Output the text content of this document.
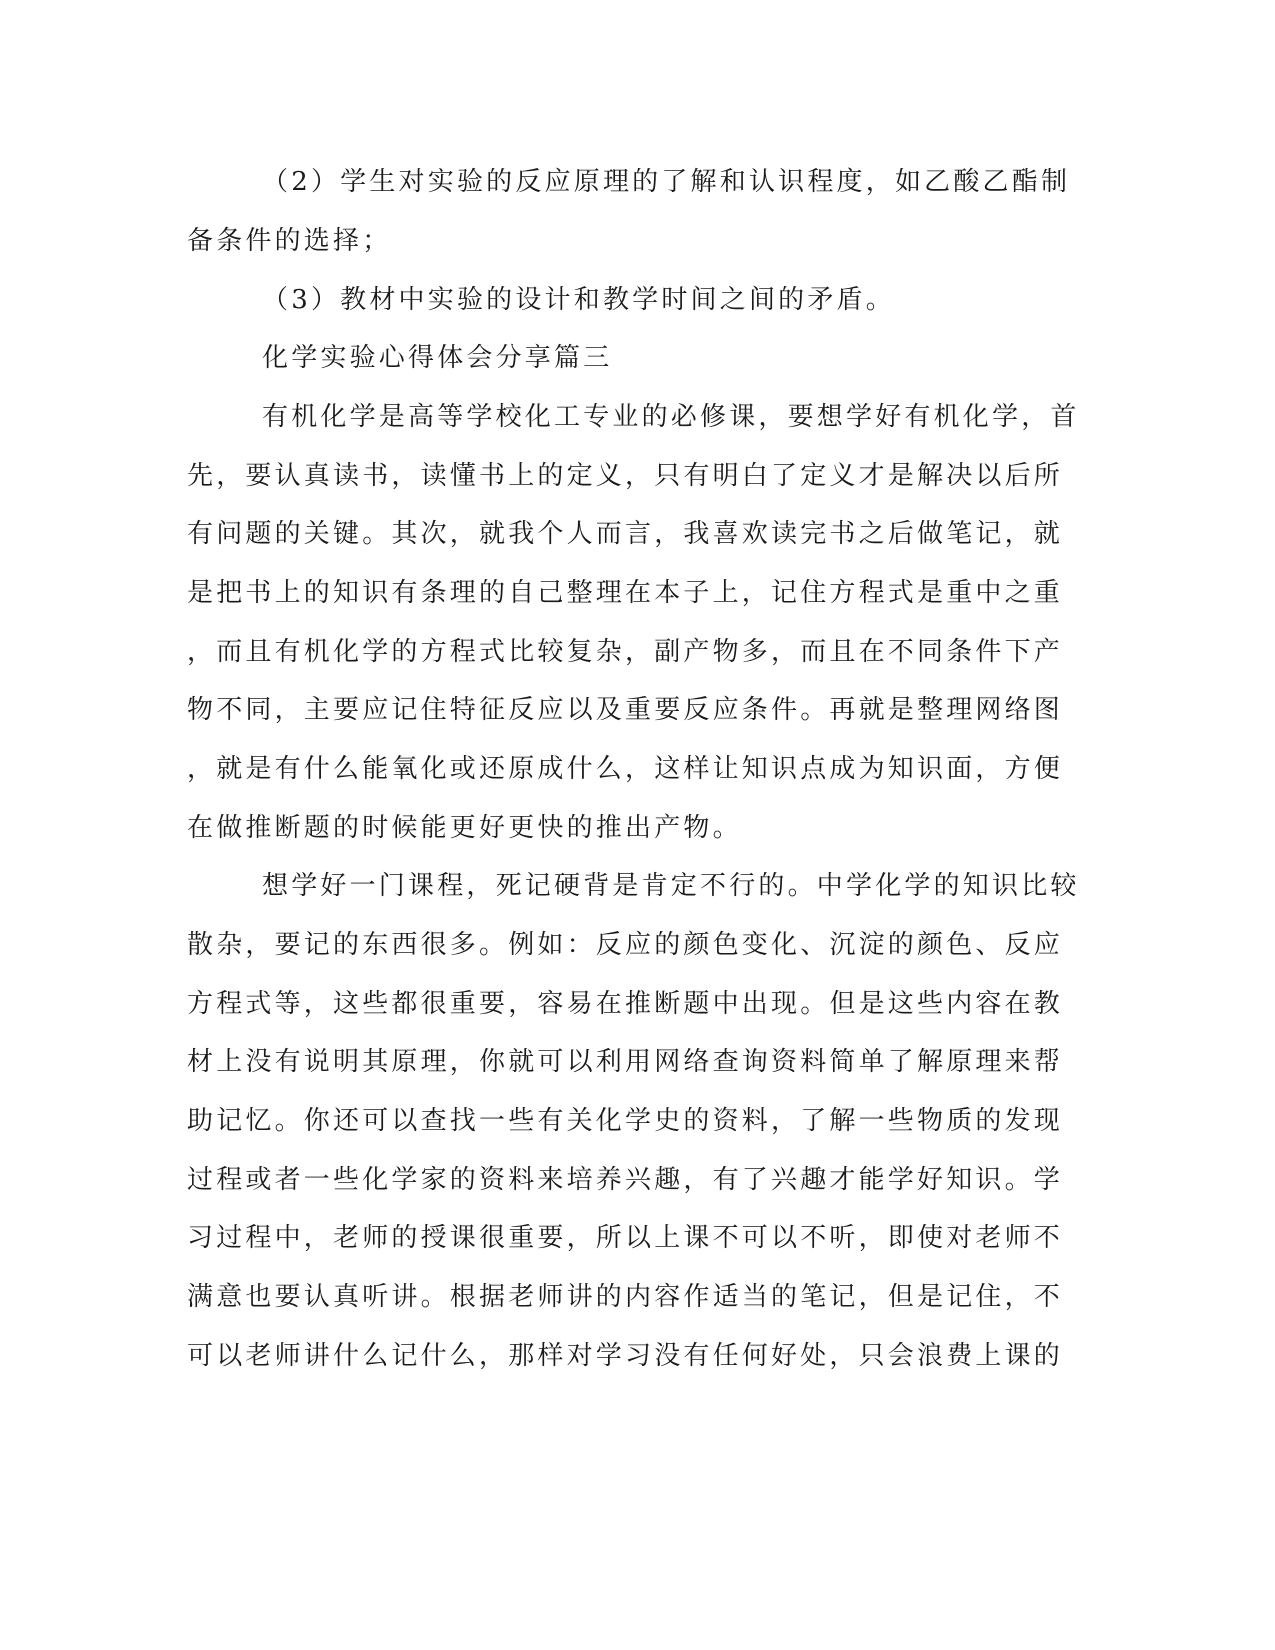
（2）学生对实验的反应原理的了解和认识程度，如乙酸乙酯制
备条件的选择；
（3）教材中实验的设计和教学时间之间的矛盾。
化学实验心得体会分享篇三
有机化学是高等学校化工专业的必修课，要想学好有机化学，首
先，要认真读书，读懂书上的定义，只有明白了定义才是解决以后所
有问题的关键。其次，就我个人而言，我喜欢读完书之后做笔记，就
是把书上的知识有条理的自己整理在本子上，记住方程式是重中之重
，而且有机化学的方程式比较复杂，副产物多，而且在不同条件下产
物不同，主要应记住特征反应以及重要反应条件。再就是整理网络图
，就是有什么能氧化或还原成什么，这样让知识点成为知识面，方便
在做推断题的时候能更好更快的推出产物。
想学好一门课程，死记硬背是肯定不行的。中学化学的知识比较
散杂，要记的东西很多。例如：反应的颜色变化、沉淀的颜色、反应
方程式等，这些都很重要，容易在推断题中出现。但是这些内容在教
材上没有说明其原理，你就可以利用网络查询资料简单了解原理来帮
助记忆。你还可以查找一些有关化学史的资料，了解一些物质的发现
过程或者一些化学家的资料来培养兴趣，有了兴趣才能学好知识。学
习过程中，老师的授课很重要，所以上课不可以不听，即使对老师不
满意也要认真听讲。根据老师讲的内容作适当的笔记，但是记住，不
可以老师讲什么记什么，那样对学习没有任何好处，只会浪费上课的
